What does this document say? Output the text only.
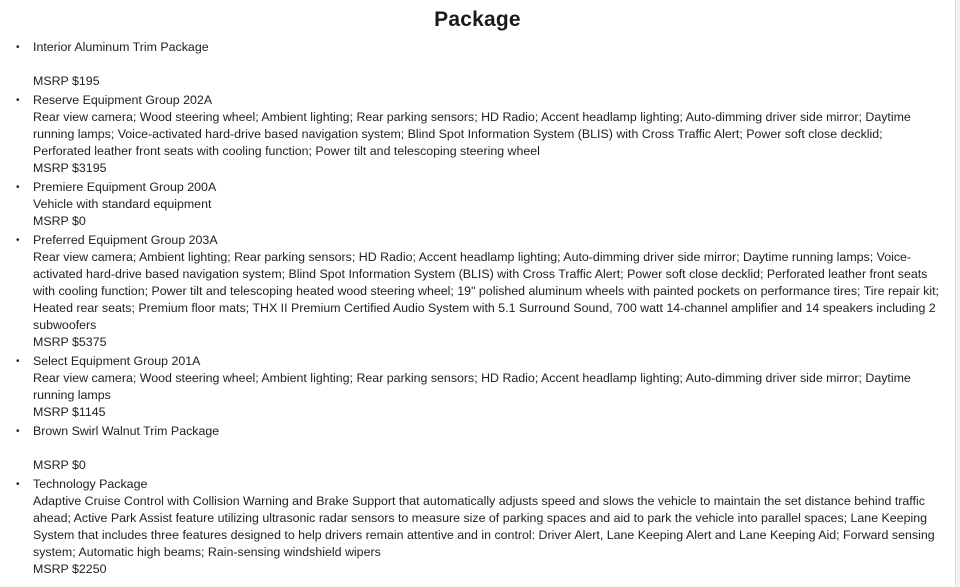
Package
• Interior Aluminum Trim Package
MSRP $195
• Reserve Equipment Group 202A
Rear view camera; Wood steering wheel; Ambient lighting; Rear parking sensors; HD Radio; Accent headlamp lighting; Auto-dimming driver side mirror; Daytime running lamps; Voice-activated hard-drive based navigation system; Blind Spot Information System (BLIS) with Cross Traffic Alert; Power soft close decklid; Perforated leather front seats with cooling function; Power tilt and telescoping steering wheel
MSRP $3195
• Premiere Equipment Group 200A
Vehicle with standard equipment
MSRP $0
• Preferred Equipment Group 203A
Rear view camera; Ambient lighting; Rear parking sensors; HD Radio; Accent headlamp lighting; Auto-dimming driver side mirror; Daytime running lamps; Voice-activated hard-drive based navigation system; Blind Spot Information System (BLIS) with Cross Traffic Alert; Power soft close decklid; Perforated leather front seats with cooling function; Power tilt and telescoping heated wood steering wheel; 19" polished aluminum wheels with painted pockets on performance tires; Tire repair kit; Heated rear seats; Premium floor mats; THX II Premium Certified Audio System with 5.1 Surround Sound, 700 watt 14-channel amplifier and 14 speakers including 2 subwoofers
MSRP $5375
• Select Equipment Group 201A
Rear view camera; Wood steering wheel; Ambient lighting; Rear parking sensors; HD Radio; Accent headlamp lighting; Auto-dimming driver side mirror; Daytime running lamps
MSRP $1145
• Brown Swirl Walnut Trim Package
MSRP $0
• Technology Package
Adaptive Cruise Control with Collision Warning and Brake Support that automatically adjusts speed and slows the vehicle to maintain the set distance behind traffic ahead; Active Park Assist feature utilizing ultrasonic radar sensors to measure size of parking spaces and aid to park the vehicle into parallel spaces; Lane Keeping System that includes three features designed to help drivers remain attentive and in control: Driver Alert, Lane Keeping Alert and Lane Keeping Aid; Forward sensing system; Automatic high beams; Rain-sensing windshield wipers
MSRP $2250
